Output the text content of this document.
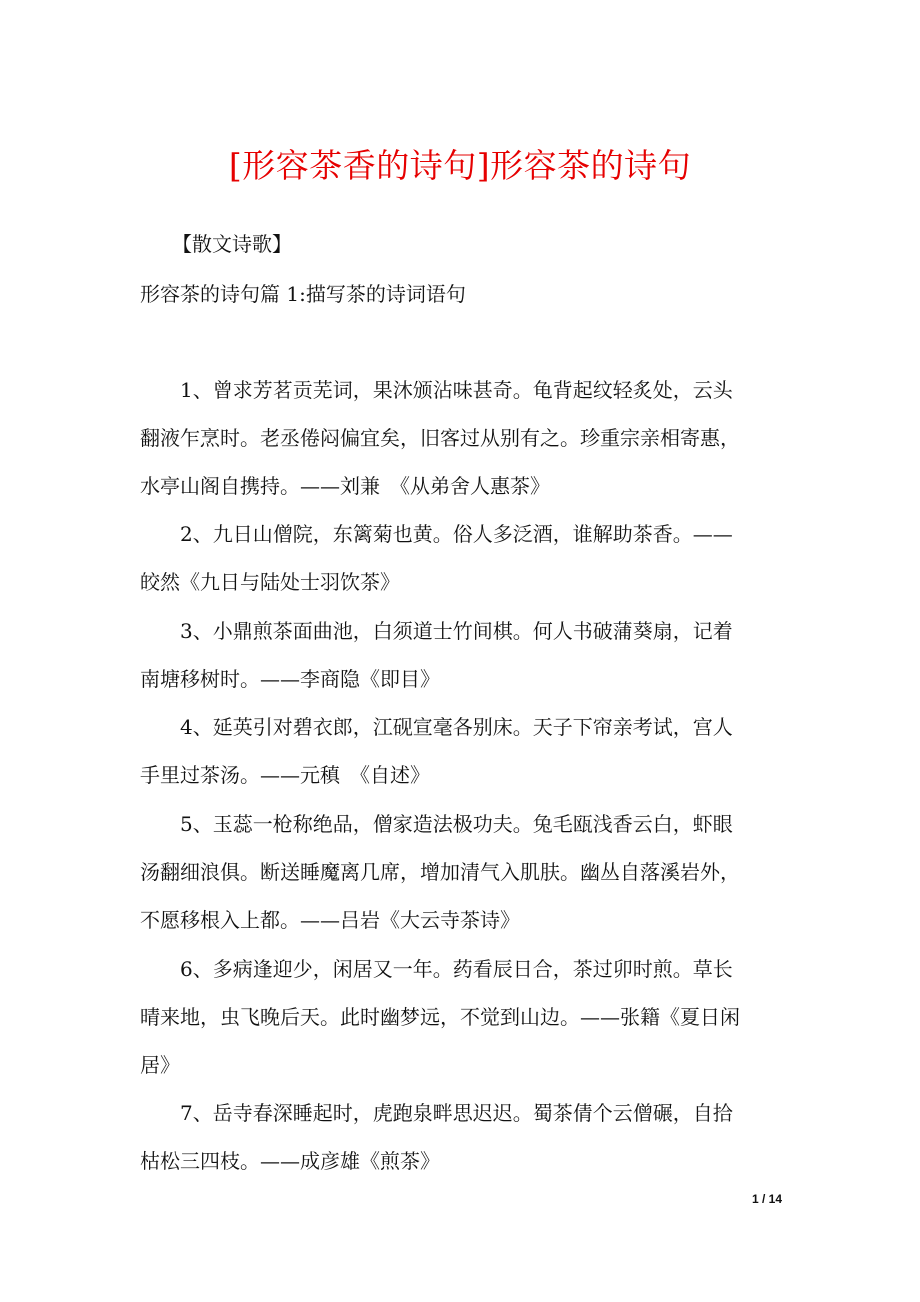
[形容茶香的诗句]形容茶的诗句
【散文诗歌】
形容茶的诗句篇 1:描写茶的诗词语句
1、曾求芳茗贡芜词，果沐颁沾味甚奇。龟背起纹轻炙处，云头
翻液乍烹时。老丞倦闷偏宜矣，旧客过从别有之。珍重宗亲相寄惠，
水亭山阁自携持。——刘兼　《从弟舍人惠茶》
2、九日山僧院，东篱菊也黄。俗人多泛酒，谁解助茶香。——
皎然《九日与陆处士羽饮茶》
3、小鼎煎茶面曲池，白须道士竹间棋。何人书破蒲葵扇，记着
南塘移树时。——李商隐《即目》
4、延英引对碧衣郎，江砚宣毫各别床。天子下帘亲考试，宫人
手里过茶汤。——元稹　《自述》
5、玉蕊一枪称绝品，僧家造法极功夫。兔毛瓯浅香云白，虾眼
汤翻细浪俱。断送睡魔离几席，增加清气入肌肤。幽丛自落溪岩外，
不愿移根入上都。——吕岩《大云寺茶诗》
6、多病逢迎少，闲居又一年。药看辰日合，茶过卯时煎。草长
晴来地，虫飞晚后天。此时幽梦远，不觉到山边。——张籍《夏日闲
居》
7、岳寺春深睡起时，虎跑泉畔思迟迟。蜀茶倩个云僧碾，自拾
枯松三四枝。——成彦雄《煎茶》
1 / 14
